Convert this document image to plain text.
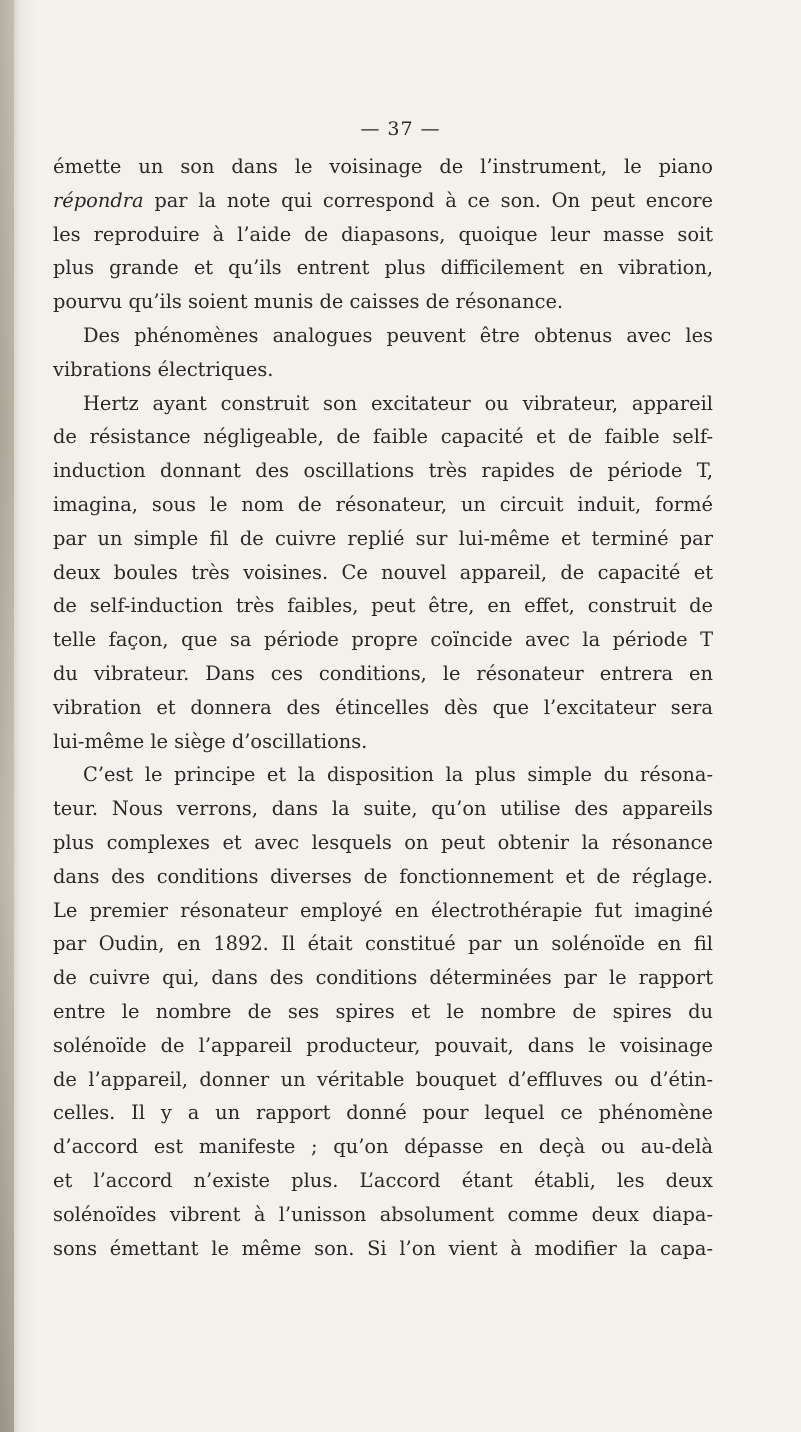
— 37 —
émette un son dans le voisinage de l’instrument, le piano
répondra par la note qui correspond à ce son. On peut encore
les reproduire à l’aide de diapasons, quoique leur masse soit
plus grande et qu’ils entrent plus difficilement en vibration,
pourvu qu’ils soient munis de caisses de résonance.
Des phénomènes analogues peuvent être obtenus avec les
vibrations électriques.
Hertz ayant construit son excitateur ou vibrateur, appareil
de résistance négligeable, de faible capacité et de faible self-
induction donnant des oscillations très rapides de période T,
imagina, sous le nom de résonateur, un circuit induit, formé
par un simple fil de cuivre replié sur lui-même et terminé par
deux boules très voisines. Ce nouvel appareil, de capacité et
de self-induction très faibles, peut être, en effet, construit de
telle façon, que sa période propre coïncide avec la période T
du vibrateur. Dans ces conditions, le résonateur entrera en
vibration et donnera des étincelles dès que l’excitateur sera
lui-même le siège d’oscillations.
C’est le principe et la disposition la plus simple du résona-
teur. Nous verrons, dans la suite, qu’on utilise des appareils
plus complexes et avec lesquels on peut obtenir la résonance
dans des conditions diverses de fonctionnement et de réglage.
Le premier résonateur employé en électrothérapie fut imaginé
par Oudin, en 1892. Il était constitué par un solénoïde en fil
de cuivre qui, dans des conditions déterminées par le rapport
entre le nombre de ses spires et le nombre de spires du
solénoïde de l’appareil producteur, pouvait, dans le voisinage
de l’appareil, donner un véritable bouquet d’effluves ou d’étin-
celles. Il y a un rapport donné pour lequel ce phénomène
d’accord est manifeste ; qu’on dépasse en deçà ou au-delà
et l’accord n’existe plus. L’accord étant établi, les deux
solénoïdes vibrent à l’unisson absolument comme deux diapa-
sons émettant le même son. Si l’on vient à modifier la capa-
